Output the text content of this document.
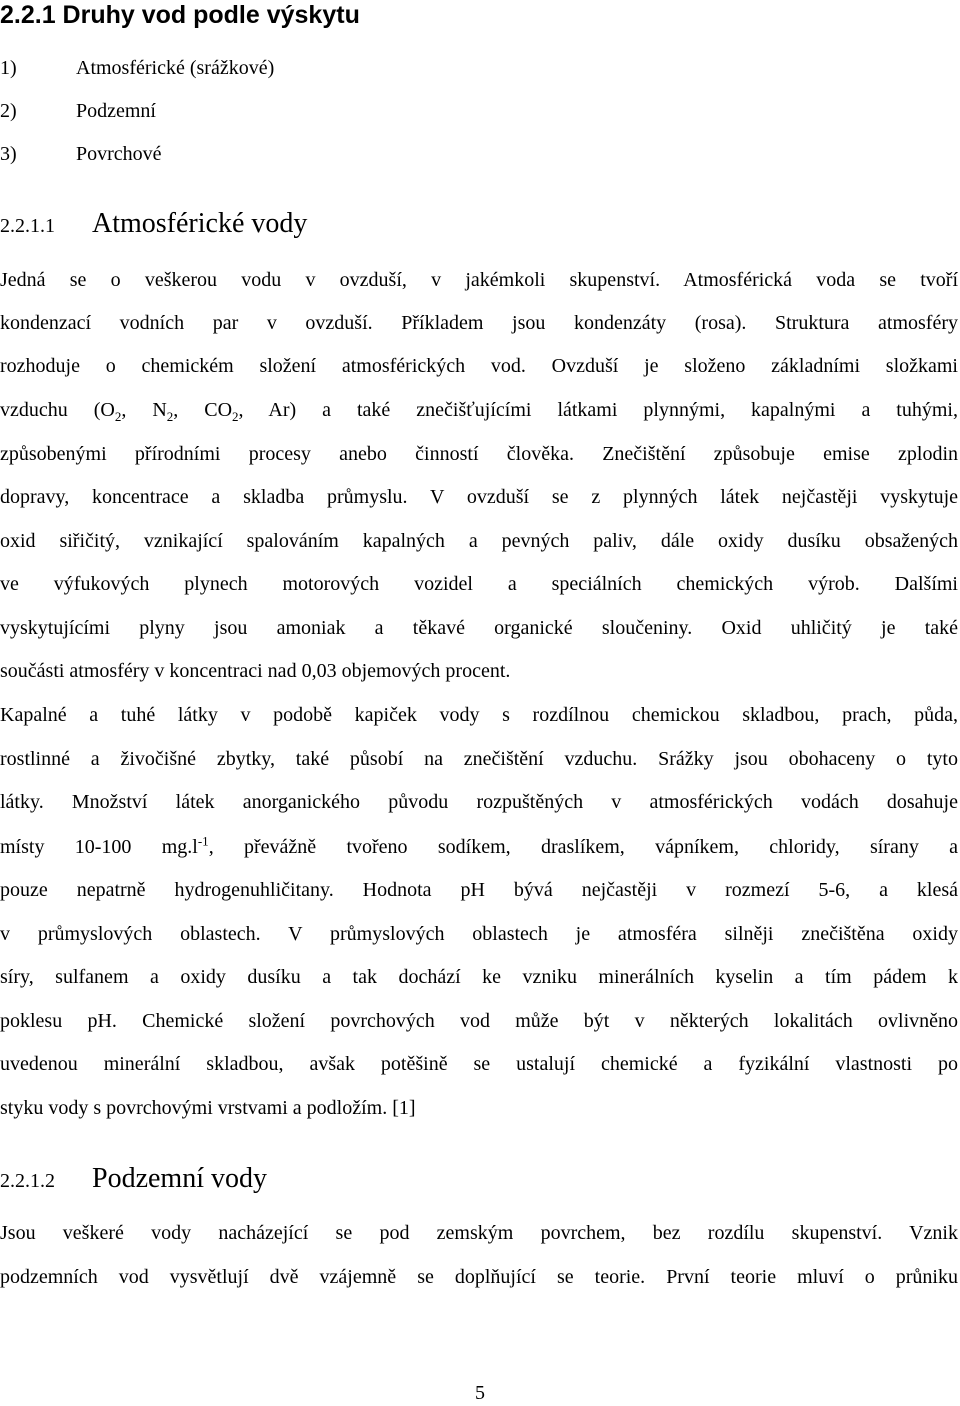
2.2.1 Druhy vod podle výskytu
1)	Atmosférické (srážkové)
2)	Podzemní
3)	Povrchové
2.2.1.1 Atmosférické vody
Jedná se o veškerou vodu v ovzduší, v jakémkoli skupenství. Atmosférická voda se tvoří
kondenzací vodních par v ovzduší. Příkladem jsou kondenzáty (rosa). Struktura atmosféry
rozhoduje o chemickém složení atmosférických vod. Ovzduší je složeno základními složkami
vzduchu ($O_2$, $N_2$, $CO_2$, Ar) a také znečišťujícími látkami plynnými, kapalnými a tuhými,
způsobenými přírodními procesy anebo činností člověka. Znečištění způsobuje emise zplodin
dopravy, koncentrace a skladba průmyslu. V ovzduší se z plynných látek nejčastěji vyskytuje
oxid siřičitý, vznikající spalováním kapalných a pevných paliv, dále oxidy dusíku obsažených
ve výfukových plynech motorových vozidel a speciálních chemických výrob. Dalšími
vyskytujícími plyny jsou amoniak a těkavé organické sloučeniny. Oxid uhličitý je také
součásti atmosféry v koncentraci nad 0,03 objemových procent.
Kapalné a tuhé látky v podobě kapiček vody s rozdílnou chemickou skladbou, prach, půda,
rostlinné a živočišné zbytky, také působí na znečištění vzduchu. Srážky jsou obohaceny o tyto
látky. Množství látek anorganického původu rozpuštěných v atmosférických vodách dosahuje
místy 10-100 $mg.l^{-1}$, převážně tvořeno sodíkem, draslíkem, vápníkem, chloridy, sírany a
pouze nepatrně hydrogenuhličitany. Hodnota pH bývá nejčastěji v rozmezí 5-6, a klesá
v průmyslových oblastech. V průmyslových oblastech je atmosféra silněji znečištěna oxidy
síry, sulfanem a oxidy dusíku a tak dochází ke vzniku minerálních kyselin a tím pádem k
poklesu pH. Chemické složení povrchových vod může být v některých lokalitách ovlivněno
uvedenou minerální skladbou, avšak potěšině se ustalují chemické a fyzikální vlastnosti po
styku vody s povrchovými vrstvami a podložím. [1]
2.2.1.2 Podzemní vody
Jsou veškeré vody nacházející se pod zemským povrchem, bez rozdílu skupenství. Vznik
podzemních vod vysvětlují dvě vzájemně se doplňující se teorie. První teorie mluví o průniku
5
